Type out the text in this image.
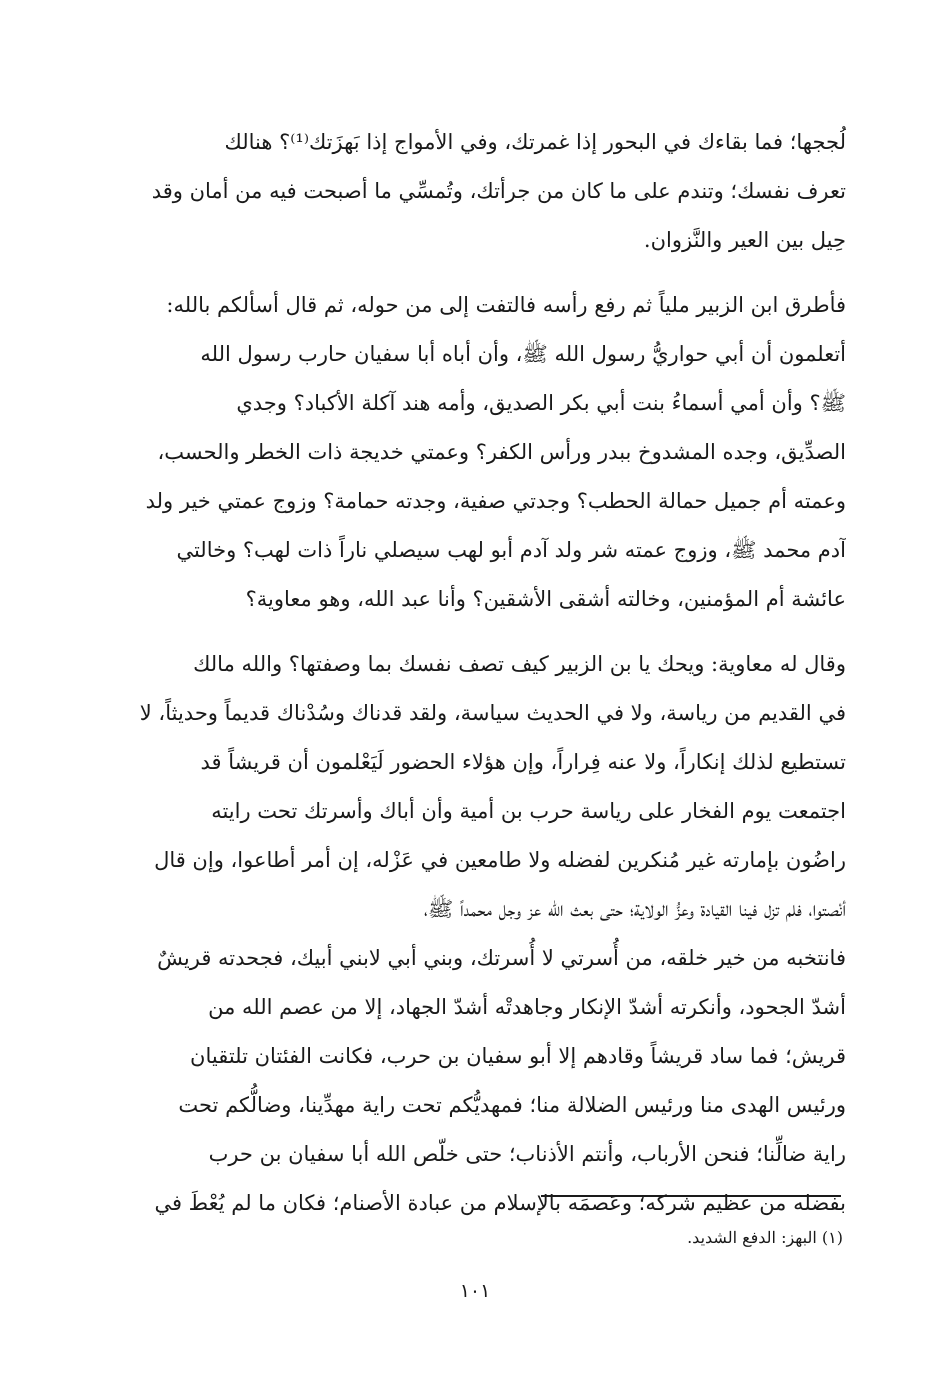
لُججها؛ فما بقاءك في البحور إذا غمرتك، وفي الأمواج إذا بَهزَتك⁽¹⁾؟ هنالك
تعرف نفسك؛ وتندم على ما كان من جرأتك، وتُمسِّي ما أصبحت فيه من أمان وقد
حِيل بين العير والنَّزوان.

فأطرق ابن الزبير ملياً ثم رفع رأسه فالتفت إلى من حوله، ثم قال أسألكم بالله:
أتعلمون أن أبي حواريُّ رسول الله ﷺ، وأن أباه أبا سفيان حارب رسول الله
ﷺ؟ وأن أمي أسماءُ بنت أبي بكر الصديق، وأمه هند آكلة الأكباد؟ وجدي
الصدِّيق، وجده المشدوخ ببدر ورأس الكفر؟ وعمتي خديجة ذات الخطر والحسب،
وعمته أم جميل حمالة الحطب؟ وجدتي صفية، وجدته حمامة؟ وزوج عمتي خير ولد
آدم محمد ﷺ، وزوج عمته شر ولد آدم أبو لهب سيصلي ناراً ذات لهب؟ وخالتي
عائشة أم المؤمنين، وخالته أشقى الأشقين؟ وأنا عبد الله، وهو معاوية؟

وقال له معاوية: ويحك يا بن الزبير كيف تصف نفسك بما وصفتها؟ والله مالك
في القديم من رياسة، ولا في الحديث سياسة، ولقد قدناك وسُدْناك قديماً وحديثاً، لا
تستطيع لذلك إنكاراً، ولا عنه فِراراً، وإن هؤلاء الحضور لَيَعْلمون أن قريشاً قد
اجتمعت يوم الفخار على رياسة حرب بن أمية وأن أباك وأسرتك تحت رايته
راضُون بإمارته غير مُنكرين لفضله ولا طامعين في عَزْله، إن أمر أطاعوا، وإن قال
أنْصتوا، فلم تزل فينا القيادة وعزُّ الولاية؛ حتى بعث الله عز وجل محمداً ﷺ،
فانتخبه من خير خلقه، من أُسرتي لا أُسرتك، وبني أبي لابني أبيك، فجحدته قريشٌ
أشدّ الجحود، وأنكرته أشدّ الإنكار وجاهدتْه أشدّ الجهاد، إلا من عصم الله من
قريش؛ فما ساد قريشاً وقادهم إلا أبو سفيان بن حرب، فكانت الفئتان تلتقيان
ورئيس الهدى منا ورئيس الضلالة منا؛ فمهديُّكم تحت راية مهدِّينا، وضالُّكم تحت
راية ضالِّنا؛ فنحن الأرباب، وأنتم الأذناب؛ حتى خلّص الله أبا سفيان بن حرب
بفضله من عظيم شركه؛ وعَصمَه بالإسلام من عبادة الأصنام؛ فكان ما لم يُعْطَ في

(١) البهز: الدفع الشديد.
١٠١
